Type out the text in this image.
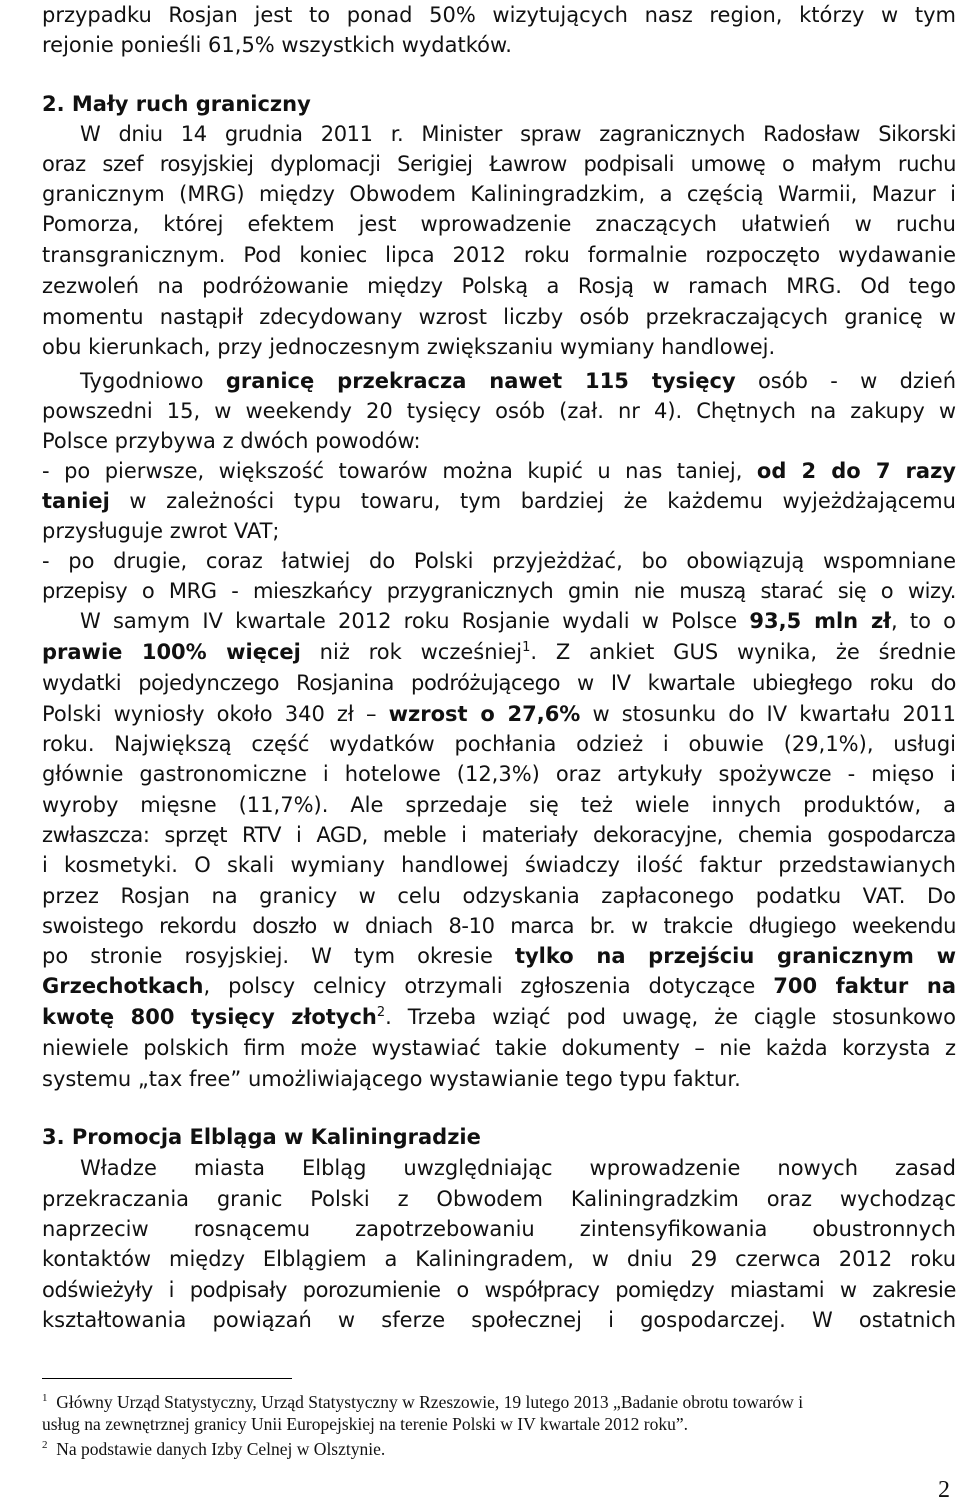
przypadku Rosjan jest to ponad 50% wizytujących nasz region, którzy w tym
rejonie ponieśli 61,5% wszystkich wydatków.
2. Mały ruch graniczny
W dniu 14 grudnia 2011 r. Minister spraw zagranicznych Radosław Sikorski
oraz szef rosyjskiej dyplomacji Serigiej Ławrow podpisali umowę o małym ruchu
granicznym (MRG) między Obwodem Kaliningradzkim, a częścią Warmii, Mazur i
Pomorza, której efektem jest wprowadzenie znaczących ułatwień w ruchu
transgranicznym. Pod koniec lipca 2012 roku formalnie rozpoczęto wydawanie
zezwoleń na podróżowanie między Polską a Rosją w ramach MRG. Od tego
momentu nastąpił zdecydowany wzrost liczby osób przekraczających granicę w
obu kierunkach, przy jednoczesnym zwiększaniu wymiany handlowej.
Tygodniowo granicę przekracza nawet 115 tysięcy osób - w dzień
powszedni 15, w weekendy 20 tysięcy osób (zał. nr 4). Chętnych na zakupy w
Polsce przybywa z dwóch powodów:
- po pierwsze, większość towarów można kupić u nas taniej, od 2 do 7 razy
taniej w zależności typu towaru, tym bardziej że każdemu wyjeżdżającemu
przysługuje zwrot VAT;
- po drugie, coraz łatwiej do Polski przyjeżdżać, bo obowiązują wspomniane
przepisy o MRG - mieszkańcy przygranicznych gmin nie muszą starać się o wizy.
W samym IV kwartale 2012 roku Rosjanie wydali w Polsce 93,5 mln zł, to o
prawie 100% więcej niż rok wcześniej$^1$. Z ankiet GUS wynika, że średnie
wydatki pojedynczego Rosjanina podróżującego w IV kwartale ubiegłego roku do
Polski wyniosły około 340 zł – wzrost o 27,6% w stosunku do IV kwartału 2011
roku. Największą część wydatków pochłania odzież i obuwie (29,1%), usługi
głównie gastronomiczne i hotelowe (12,3%) oraz artykuły spożywcze - mięso i
wyroby mięsne (11,7%). Ale sprzedaje się też wiele innych produktów, a
zwłaszcza: sprzęt RTV i AGD, meble i materiały dekoracyjne, chemia gospodarcza
i kosmetyki. O skali wymiany handlowej świadczy ilość faktur przedstawianych
przez Rosjan na granicy w celu odzyskania zapłaconego podatku VAT. Do
swoistego rekordu doszło w dniach 8-10 marca br. w trakcie długiego weekendu
po stronie rosyjskiej. W tym okresie tylko na przejściu granicznym w
Grzechotkach, polscy celnicy otrzymali zgłoszenia dotyczące 700 faktur na
kwotę 800 tysięcy złotych$^2$. Trzeba wziąć pod uwagę, że ciągle stosunkowo
niewiele polskich firm może wystawiać takie dokumenty – nie każda korzysta z
systemu „tax free” umożliwiającego wystawianie tego typu faktur.
3. Promocja Elbląga w Kaliningradzie
Władze miasta Elbląg uwzględniając wprowadzenie nowych zasad
przekraczania granic Polski z Obwodem Kaliningradzkim oraz wychodząc
naprzeciw rosnącemu zapotrzebowaniu zintensyfikowania obustronnych
kontaktów między Elblągiem a Kaliningradem, w dniu 29 czerwca 2012 roku
odświeżyły i podpisały porozumienie o współpracy pomiędzy miastami w zakresie
kształtowania powiązań w sferze społecznej i gospodarczej. W ostatnich
$^1$ Główny Urząd Statystyczny, Urząd Statystyczny w Rzeszowie, 19 lutego 2013 „Badanie obrotu towarów i
usług na zewnętrznej granicy Unii Europejskiej na terenie Polski w IV kwartale 2012 roku”.
$^2$ Na podstawie danych Izby Celnej w Olsztynie.
2
